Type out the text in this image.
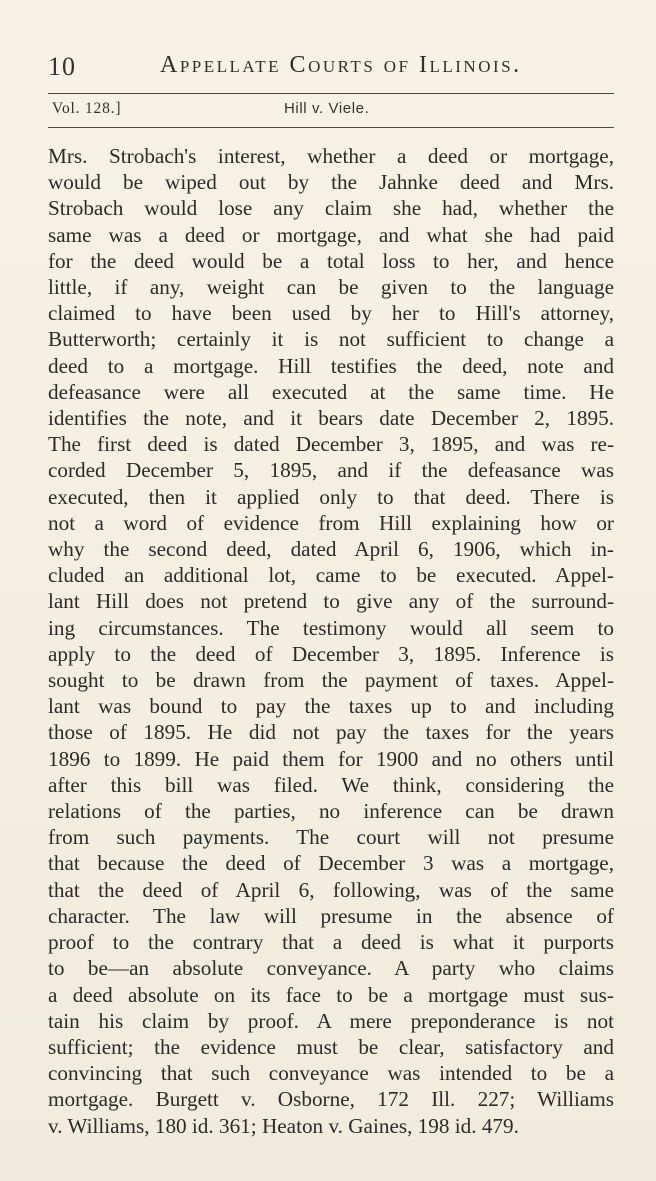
10	Appellate Courts of Illinois.
Vol. 128.]	Hill v. Viele.
Mrs. Strobach's interest, whether a deed or mortgage,
would be wiped out by the Jahnke deed and Mrs.
Strobach would lose any claim she had, whether the
same was a deed or mortgage, and what she had paid
for the deed would be a total loss to her, and hence
little, if any, weight can be given to the language
claimed to have been used by her to Hill's attorney,
Butterworth; certainly it is not sufficient to change a
deed to a mortgage. Hill testifies the deed, note and
defeasance were all executed at the same time. He
identifies the note, and it bears date December 2, 1895.
The first deed is dated December 3, 1895, and was re-
corded December 5, 1895, and if the defeasance was
executed, then it applied only to that deed. There is
not a word of evidence from Hill explaining how or
why the second deed, dated April 6, 1906, which in-
cluded an additional lot, came to be executed. Appel-
lant Hill does not pretend to give any of the surround-
ing circumstances. The testimony would all seem to
apply to the deed of December 3, 1895. Inference is
sought to be drawn from the payment of taxes. Appel-
lant was bound to pay the taxes up to and including
those of 1895. He did not pay the taxes for the years
1896 to 1899. He paid them for 1900 and no others until
after this bill was filed. We think, considering the
relations of the parties, no inference can be drawn
from such payments. The court will not presume
that because the deed of December 3 was a mortgage,
that the deed of April 6, following, was of the same
character. The law will presume in the absence of
proof to the contrary that a deed is what it purports
to be—an absolute conveyance. A party who claims
a deed absolute on its face to be a mortgage must sus-
tain his claim by proof. A mere preponderance is not
sufficient; the evidence must be clear, satisfactory and
convincing that such conveyance was intended to be a
mortgage. Burgett v. Osborne, 172 Ill. 227; Williams
v. Williams, 180 id. 361; Heaton v. Gaines, 198 id. 479.
